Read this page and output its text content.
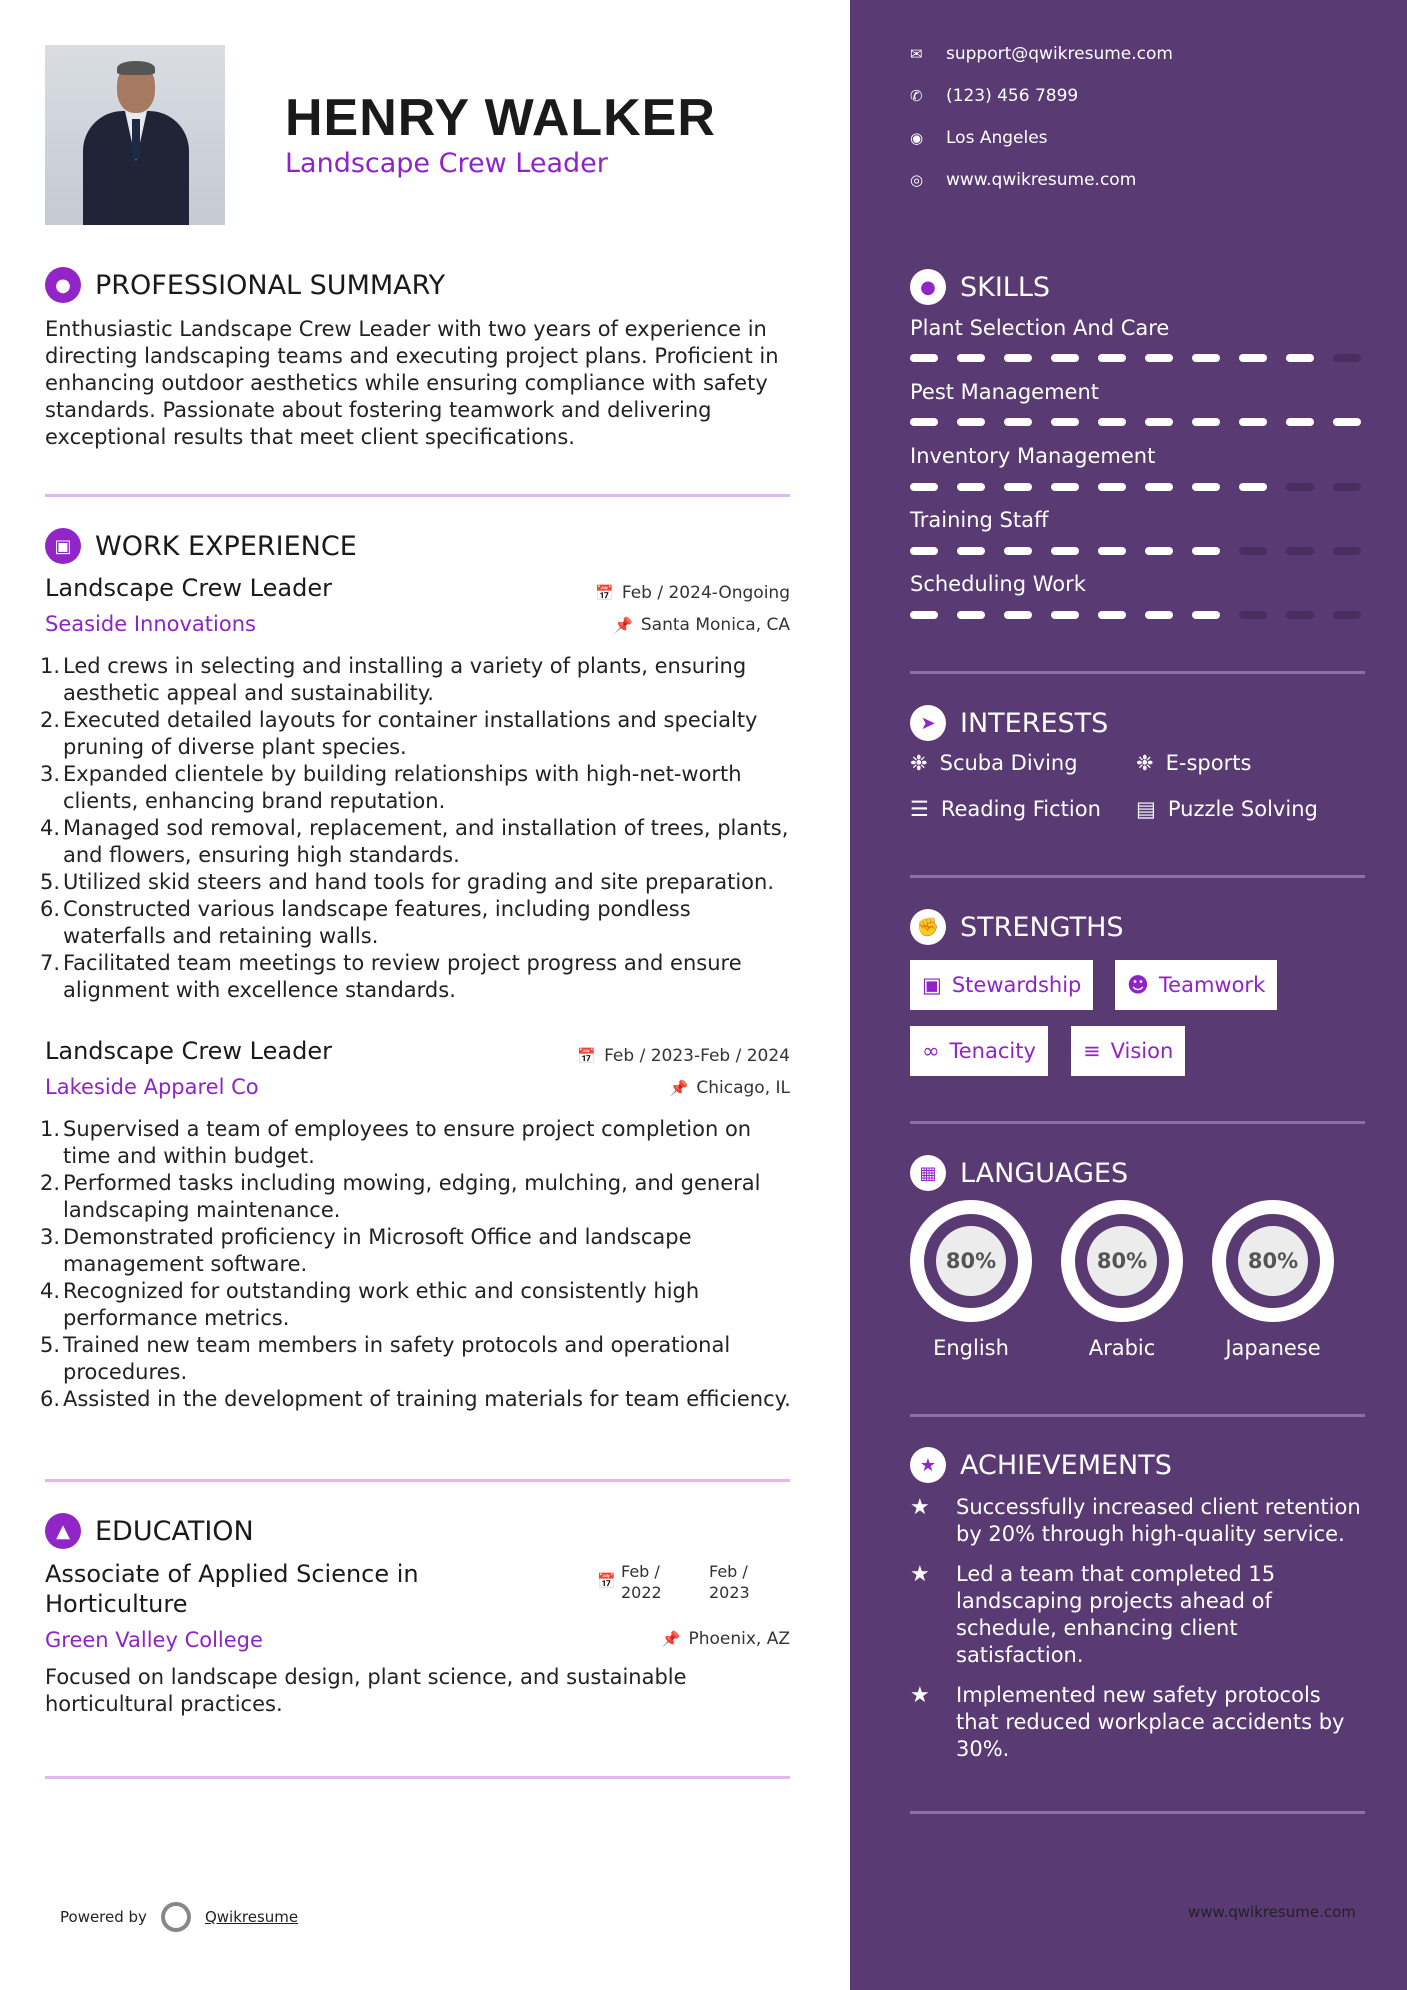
HENRY WALKER
Landscape Crew Leader
● PROFESSIONAL SUMMARY
Enthusiastic Landscape Crew Leader with two years of experience in
directing landscaping teams and executing project plans. Proficient in
enhancing outdoor aesthetics while ensuring compliance with safety
standards. Passionate about fostering teamwork and delivering
exceptional results that meet client specifications.
▣ WORK EXPERIENCE
Landscape Crew Leader
Seaside Innovations
📅 Feb / 2024-Ongoing
📌 Santa Monica, CA
1. Led crews in selecting and installing a variety of plants, ensuring
aesthetic appeal and sustainability.
2. Executed detailed layouts for container installations and specialty
pruning of diverse plant species.
3. Expanded clientele by building relationships with high-net-worth
clients, enhancing brand reputation.
4. Managed sod removal, replacement, and installation of trees, plants,
and flowers, ensuring high standards.
5. Utilized skid steers and hand tools for grading and site preparation.
6. Constructed various landscape features, including pondless
waterfalls and retaining walls.
7. Facilitated team meetings to review project progress and ensure
alignment with excellence standards.
Landscape Crew Leader
Lakeside Apparel Co
📅 Feb / 2023-Feb / 2024
📌 Chicago, IL
1. Supervised a team of employees to ensure project completion on
time and within budget.
2. Performed tasks including mowing, edging, mulching, and general
landscaping maintenance.
3. Demonstrated proficiency in Microsoft Office and landscape
management software.
4. Recognized for outstanding work ethic and consistently high
performance metrics.
5. Trained new team members in safety protocols and operational
procedures.
6. Assisted in the development of training materials for team efficiency.
▲ EDUCATION
Associate of Applied Science in
Horticulture
Green Valley College
📅 Feb /
2022
Feb /
2023
📌 Phoenix, AZ
Focused on landscape design, plant science, and sustainable
horticultural practices.
Powered by	Qwikresume
✉	support@qwikresume.com
✆	(123) 456 7899
◉	Los Angeles
◎	www.qwikresume.com
● SKILLS
Plant Selection And Care
Pest Management
Inventory Management
Training Staff
Scheduling Work
➤ INTERESTS
❉ Scuba Diving	❉ E-sports
☰ Reading Fiction ▤ Puzzle Solving
✊ STRENGTHS
▣ Stewardship ☻ Teamwork
∞ Tenacity ≡ Vision
▦ LANGUAGES
80%
English
80%
Arabic
80%
Japanese
★ ACHIEVEMENTS
★	Successfully increased client retention
by 20% through high-quality service.
★	Led a team that completed 15
landscaping projects ahead of
schedule, enhancing client
satisfaction.
★	Implemented new safety protocols
that reduced workplace accidents by
30%.
www.qwikresume.com
